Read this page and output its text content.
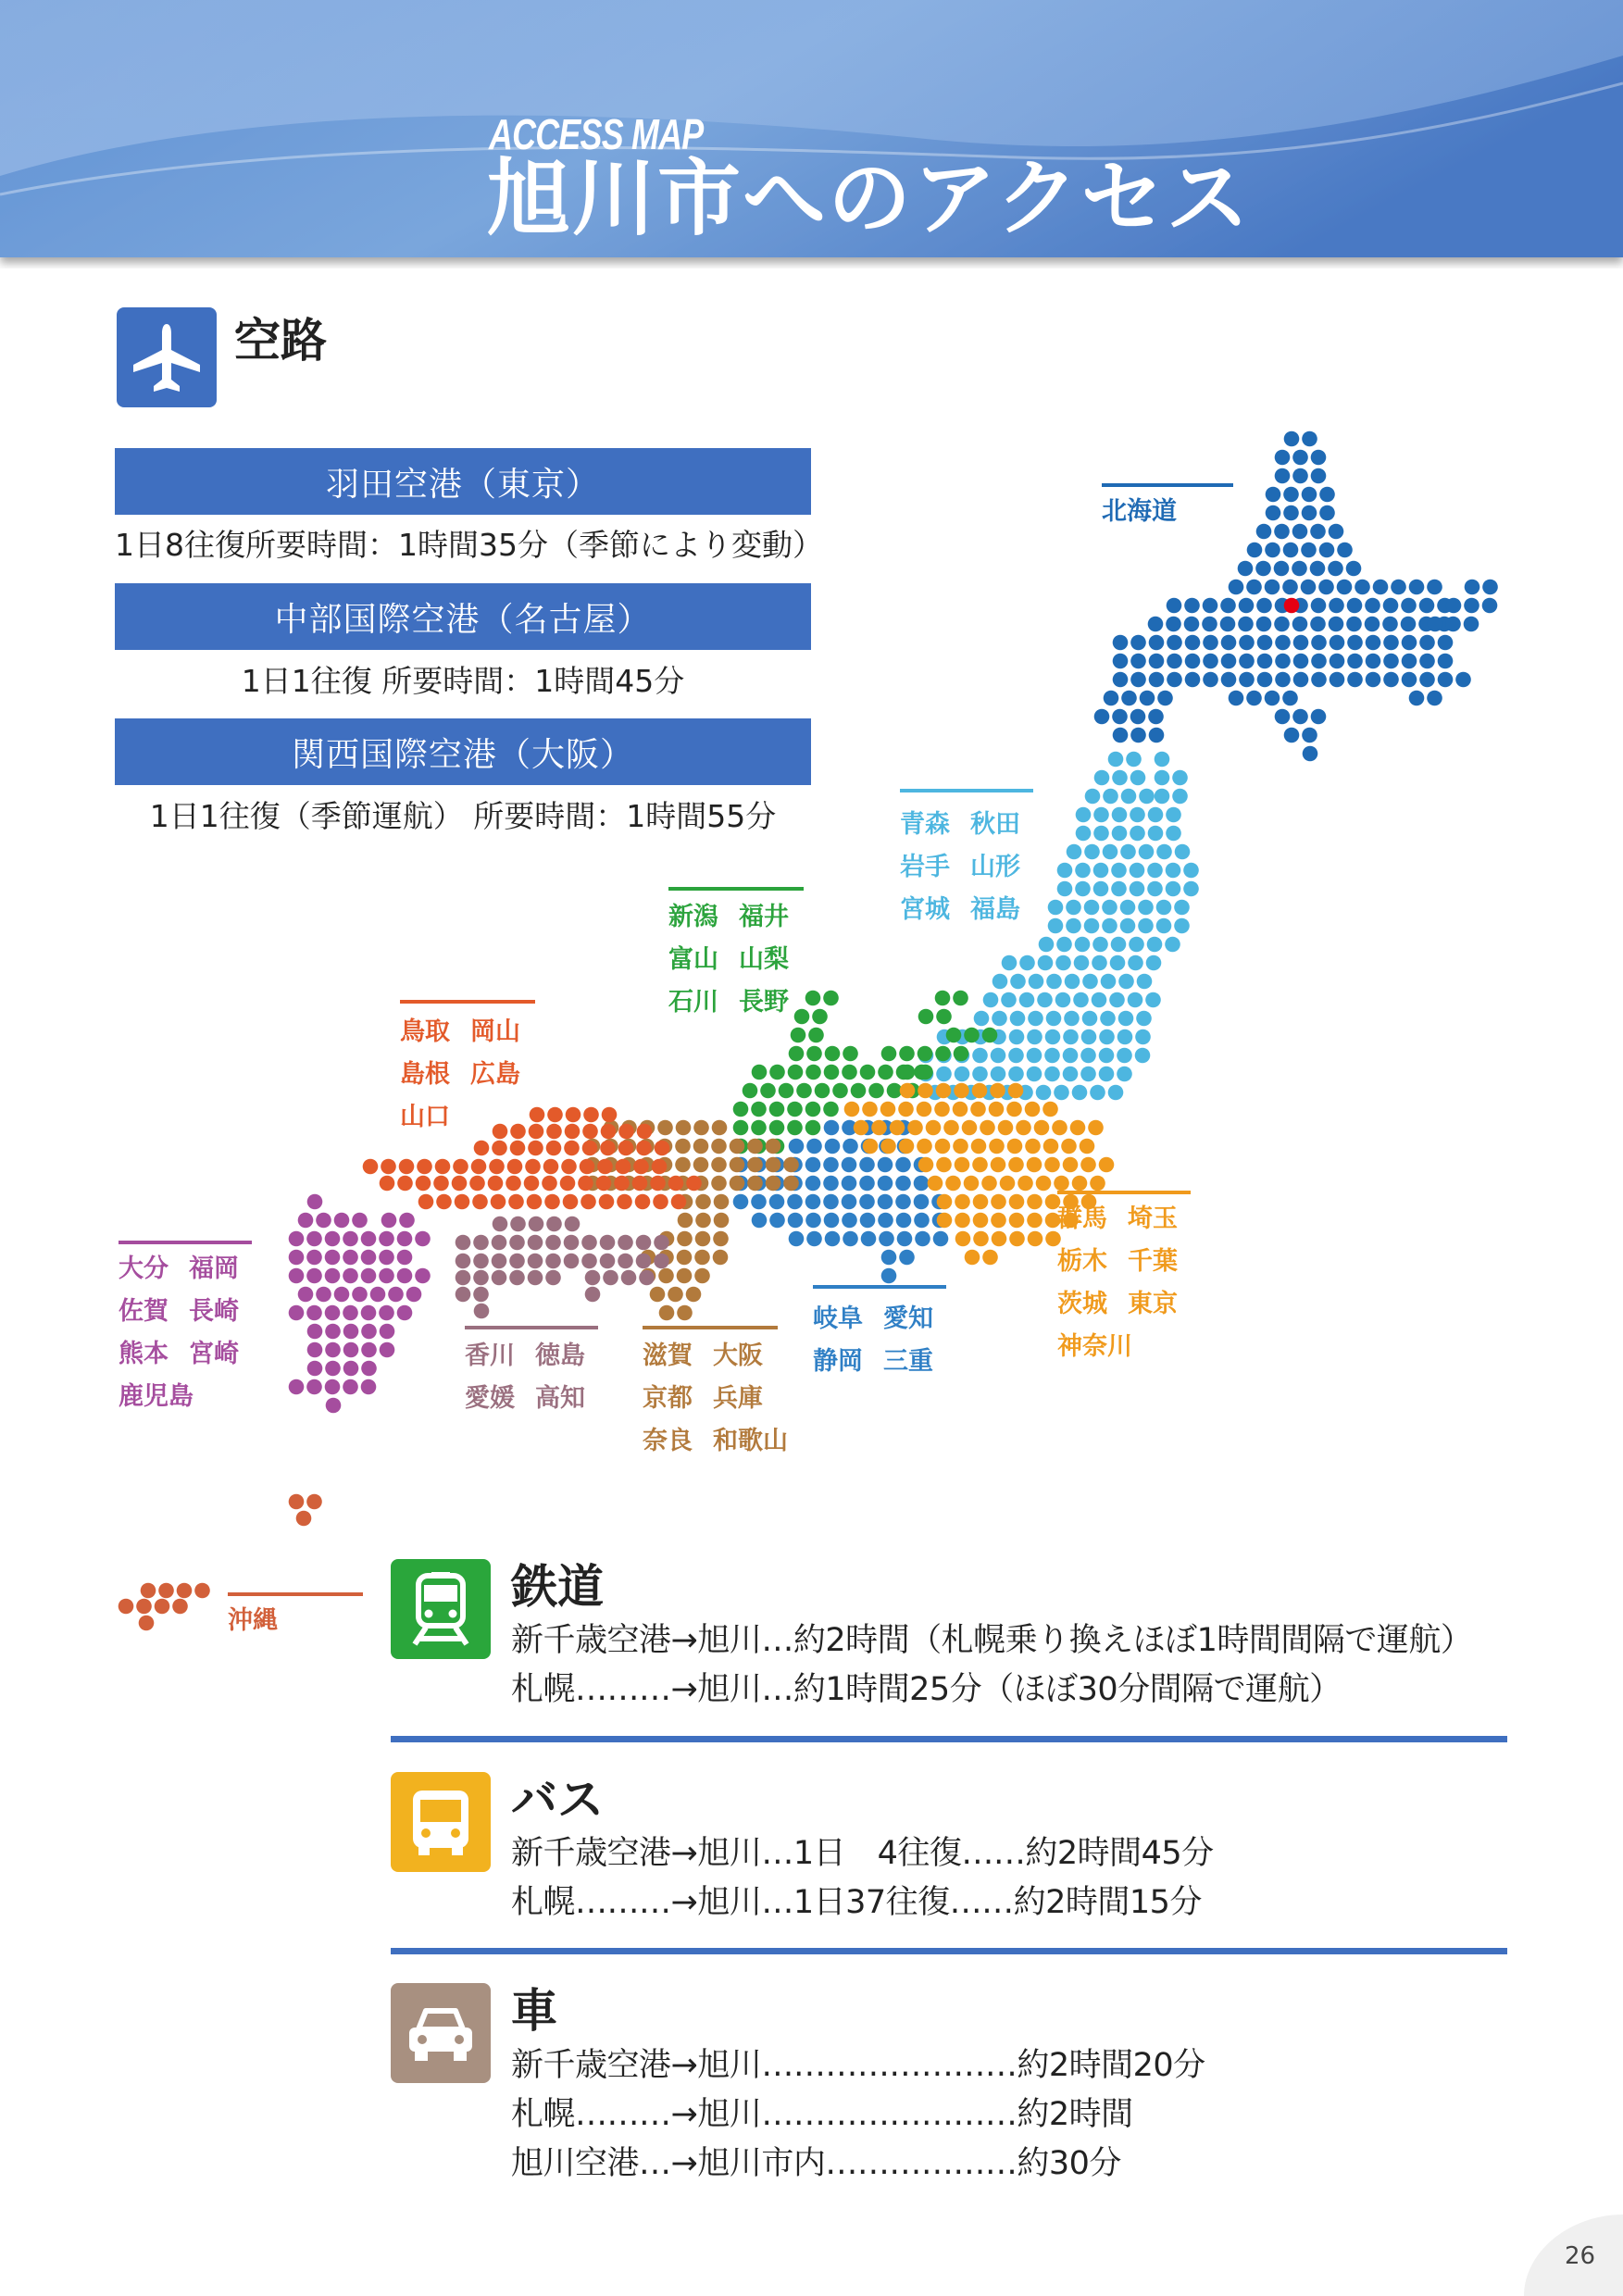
ACCESS MAP
旭川市へのアクセス
空路
羽田空港（東京）
1日8往復所要時間：1時間35分（季節により変動）
中部国際空港（名古屋）
1日1往復 所要時間：1時間45分
関西国際空港（大阪）
1日1往復（季節運航） 所要時間：1時間55分
北海道
青森 秋田
岩手 山形
宮城 福島

新潟 福井
富山 山梨
石川 長野

群馬 埼玉
栃木 千葉
茨城 東京
神奈川
岐阜 愛知
静岡 三重

滋賀 大阪
京都 兵庫
奈良 和歌山

鳥取 岡山
島根 広島
山口
香川 徳島
愛媛 高知

大分 福岡
佐賀 長崎
熊本 宮崎
鹿児島
沖縄
鉄道
新千歳空港→旭川…約2時間（札幌乗り換えほぼ1時間間隔で運航）
札幌………→旭川…約1時間25分（ほぼ30分間隔で運航）
バス
新千歳空港→旭川…1日　4往復……約2時間45分
札幌………→旭川…1日37往復……約2時間15分
車
新千歳空港→旭川……………………約2時間20分
札幌………→旭川……………………約2時間
旭川空港…→旭川市内………………約30分
26
